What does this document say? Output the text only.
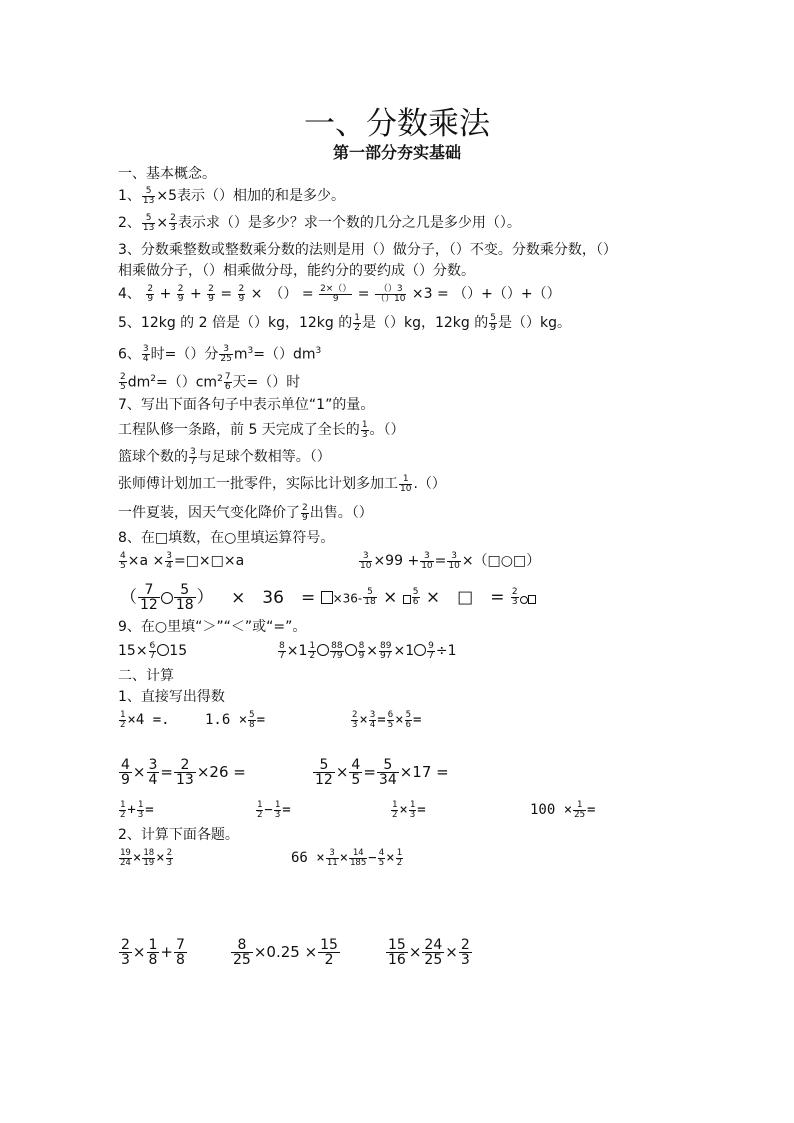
一、分数乘法
第一部分夯实基础
一、基本概念。
1、 $\frac{5}{13} \times 5$表示（）相加的和是多少。
2、 $\frac{5}{13} \times \frac{2}{3}$ 表示求（）是多少？求一个数的几分之几是多少用（）。
3、分数乘整数或整数乘分数的法则是用（）做分子，（）不变。分数乘分数，（）
相乘做分子，（）相乘做分母，能约分的要约成（）分数。
4、 $\frac{2}{9} + \frac{2}{9} + \frac{2}{9} = \frac{2}{9}$ ×　（） = $\frac{2\times()}{9} = \frac{()3}{()10} \times 3$ = （）+（）+（）
5、12kg 的 2 倍是（）kg，12kg 的 $\frac{1}{2}$ 是（）kg，12kg 的 $\frac{5}{9}$ 是（）kg。
6、 $\frac{3}{4}$ 时=（）分 $\frac{3}{25} m^3=()dm^3$
$\frac{2}{5} dm^2=()cm^2 \frac{7}{6}$ 天=（）时
7、写出下面各句子中表示单位“1”的量。
工程队修一条路，前 5 天完成了全长的 $\frac{1}{3}$ 。（）
篮球个数的 $\frac{3}{7}$ 与足球个数相等。（）
张师傅计划加工一批零件，实际比计划多加工 $\frac{1}{10}$ .（）
一件夏装，因天气变化降价了 $\frac{2}{9}$ 出售。（）
8、在□填数，在○里填运算符号。
$\frac{4}{5} \times a \times \frac{3}{4}$ =□×□×a	$\frac{3}{10} \times 99 + \frac{3}{10} = \frac{3}{10}$ ×（□○□）
（ $\frac{7}{12} \frac{5}{18}$ ） ×　36　= $\times 36- \frac{5}{18} \times \frac{5}{6}$ ×　□　= $\frac{2}{3}$
9、在○里填“＞”“＜”或“=”。
$15\times \frac{6}{7} 15$	$\frac{8}{7} \times 1 \frac{1}{2} \frac{88}{79} \frac{8}{9} \times \frac{89}{97} \times 1 \frac{9}{7} \div 1$
二、计算
1、直接写出得数
$\frac{1}{2} \times 4$ =.	$1.6 \times \frac{5}{8}$ =	$\frac{2}{3} \times \frac{3}{4} = \frac{6}{5} \times \frac{5}{6}$ =
$\frac{4}{9} \times \frac{3}{4} = \frac{2}{13} \times 26$ =	$\frac{5}{12} \times \frac{4}{5} = \frac{5}{34} \times 17$ =
$\frac{1}{2} + \frac{1}{3}$ =	$\frac{1}{2} - \frac{1}{3}$ =	$\frac{1}{2} \times \frac{1}{3}$ =	$100 \times \frac{1}{25}$ =
2、计算下面各题。
$\frac{19}{24} \times \frac{18}{19} \times \frac{2}{3}$	$66 \times \frac{3}{11} \times \frac{14}{185} - \frac{4}{5} \times \frac{1}{2}$
$\frac{2}{3} \times \frac{1}{8} + \frac{7}{8}$	$\frac{8}{25} \times 0.25 \times \frac{15}{2}$	$\frac{15}{16} \times \frac{24}{25} \times \frac{2}{3}$
